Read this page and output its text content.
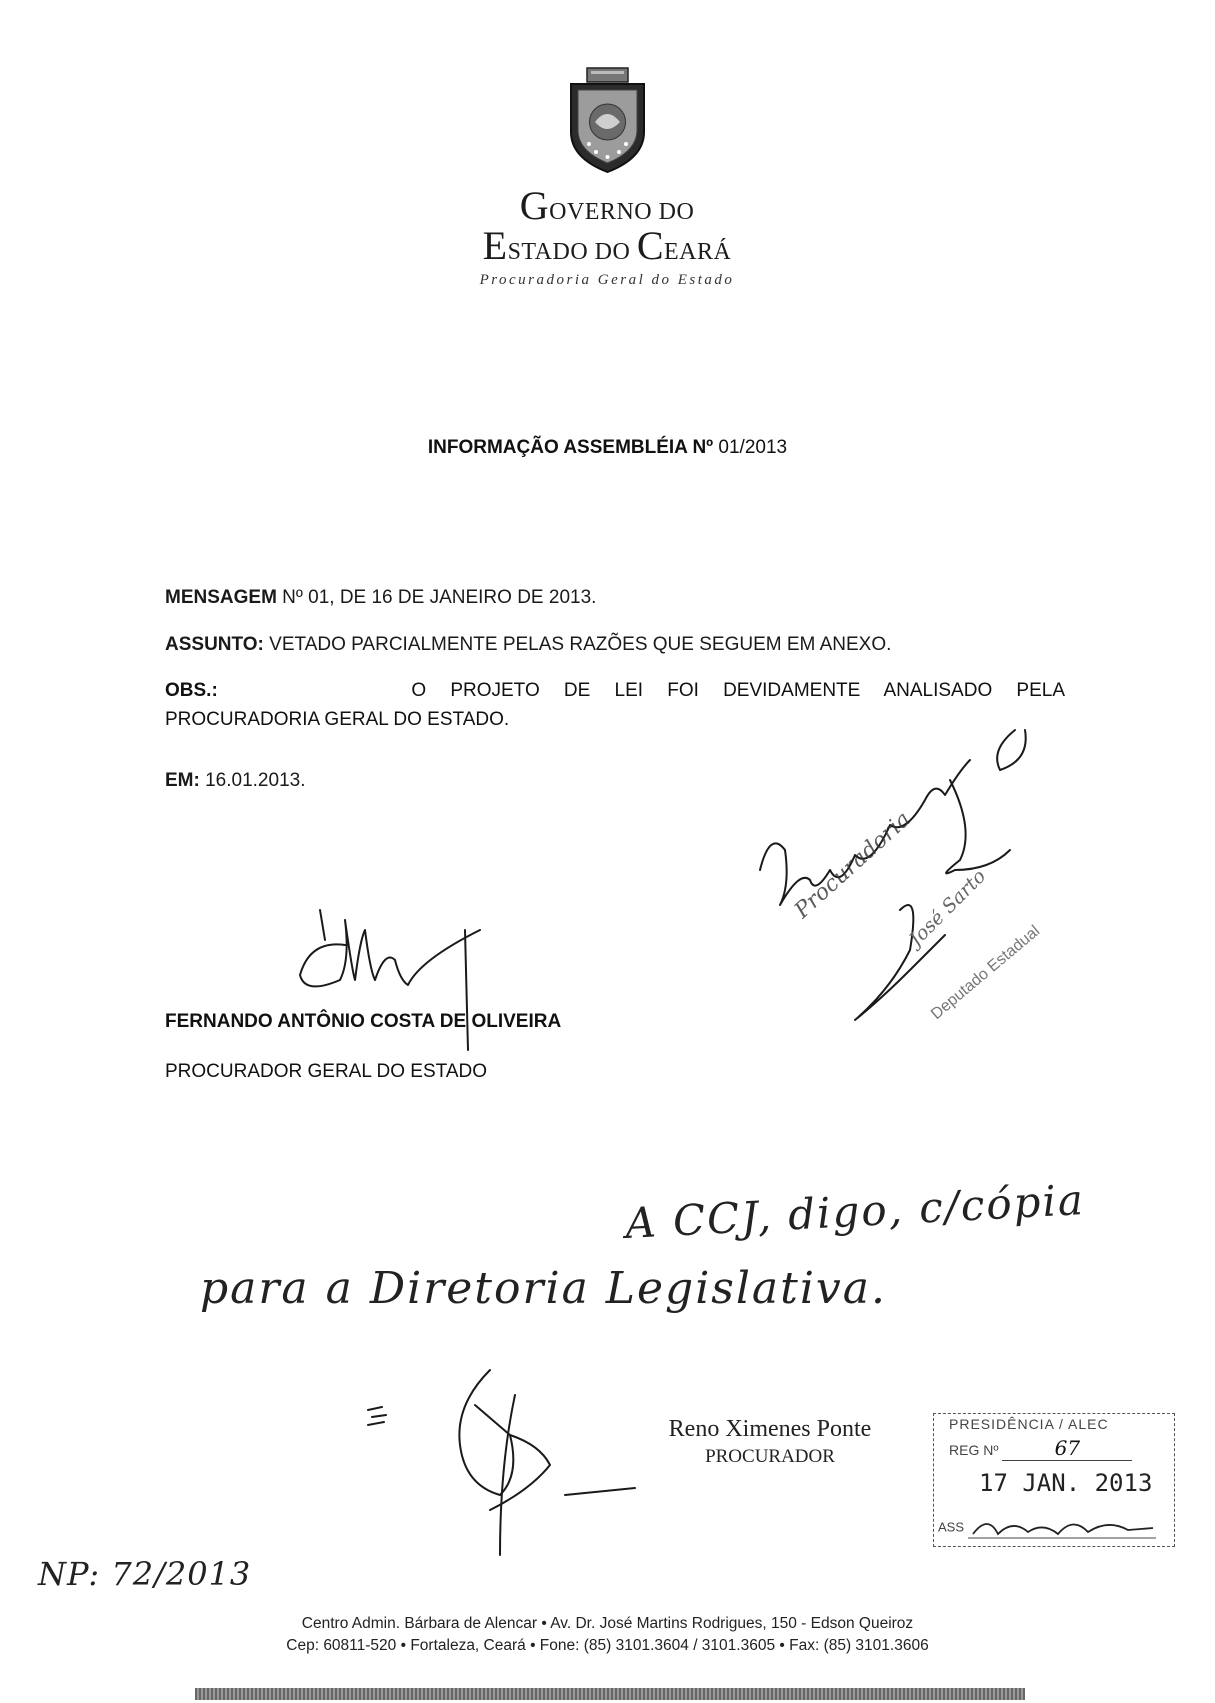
GOVERNO DO
ESTADO DO CEARÁ
Procuradoria Geral do Estado
INFORMAÇÃO ASSEMBLÉIA Nº 01/2013
MENSAGEM Nº 01, DE 16 DE JANEIRO DE 2013.
ASSUNTO: VETADO PARCIALMENTE PELAS RAZÕES QUE SEGUEM EM ANEXO.
OBS.:	O PROJETO DE LEI FOI DEVIDAMENTE ANALISADO PELA
PROCURADORIA GERAL DO ESTADO.
EM: 16.01.2013.
José Sarto
Deputado Estadual
Procuradoria
FERNANDO ANTÔNIO COSTA DE OLIVEIRA
PROCURADOR GERAL DO ESTADO
A CCJ, digo, c/cópia
para a Diretoria Legislativa.
Reno Ximenes Ponte
PROCURADOR
PRESIDÊNCIA / ALEC
REG Nº	67
17 JAN. 2013
ASS
NP: 72/2013
Centro Admin. Bárbara de Alencar • Av. Dr. José Martins Rodrigues, 150 - Edson Queiroz
Cep: 60811-520 • Fortaleza, Ceará • Fone: (85) 3101.3604 / 3101.3605 • Fax: (85) 3101.3606
